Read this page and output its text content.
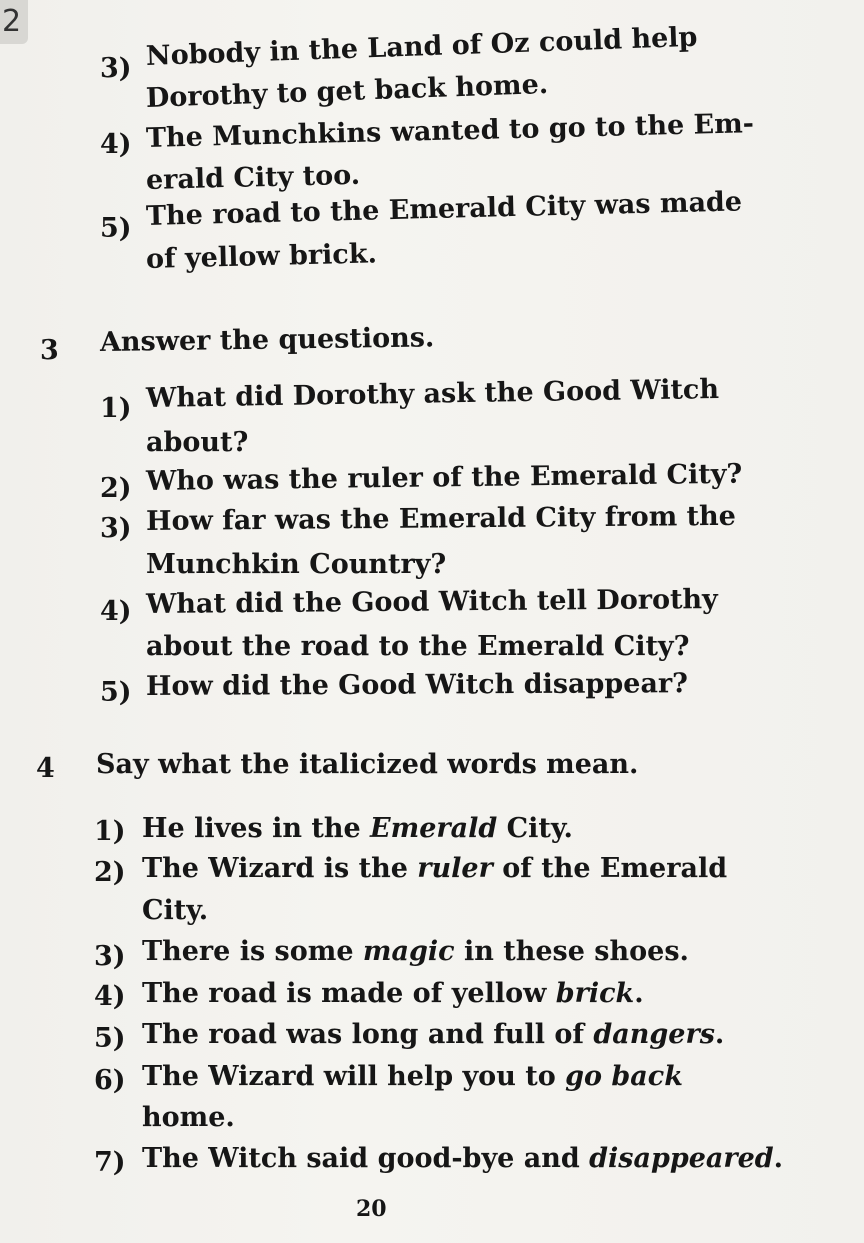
2
3) Nobody in the Land of Oz could help
Dorothy to get back home.
4) The Munchkins wanted to go to the Em-
erald City too.
5) The road to the Emerald City was made
of yellow brick.
3 Answer the questions.
1) What did Dorothy ask the Good Witch
about?
2) Who was the ruler of the Emerald City?
3) How far was the Emerald City from the
Munchkin Country?
4) What did the Good Witch tell Dorothy
about the road to the Emerald City?
5) How did the Good Witch disappear?
4 Say what the italicized words mean.
1) He lives in the Emerald City.
2) The Wizard is the ruler of the Emerald
City.
3) There is some magic in these shoes.
4) The road is made of yellow brick.
5) The road was long and full of dangers.
6) The Wizard will help you to go back
home.
7) The Witch said good-bye and disappeared.
20
